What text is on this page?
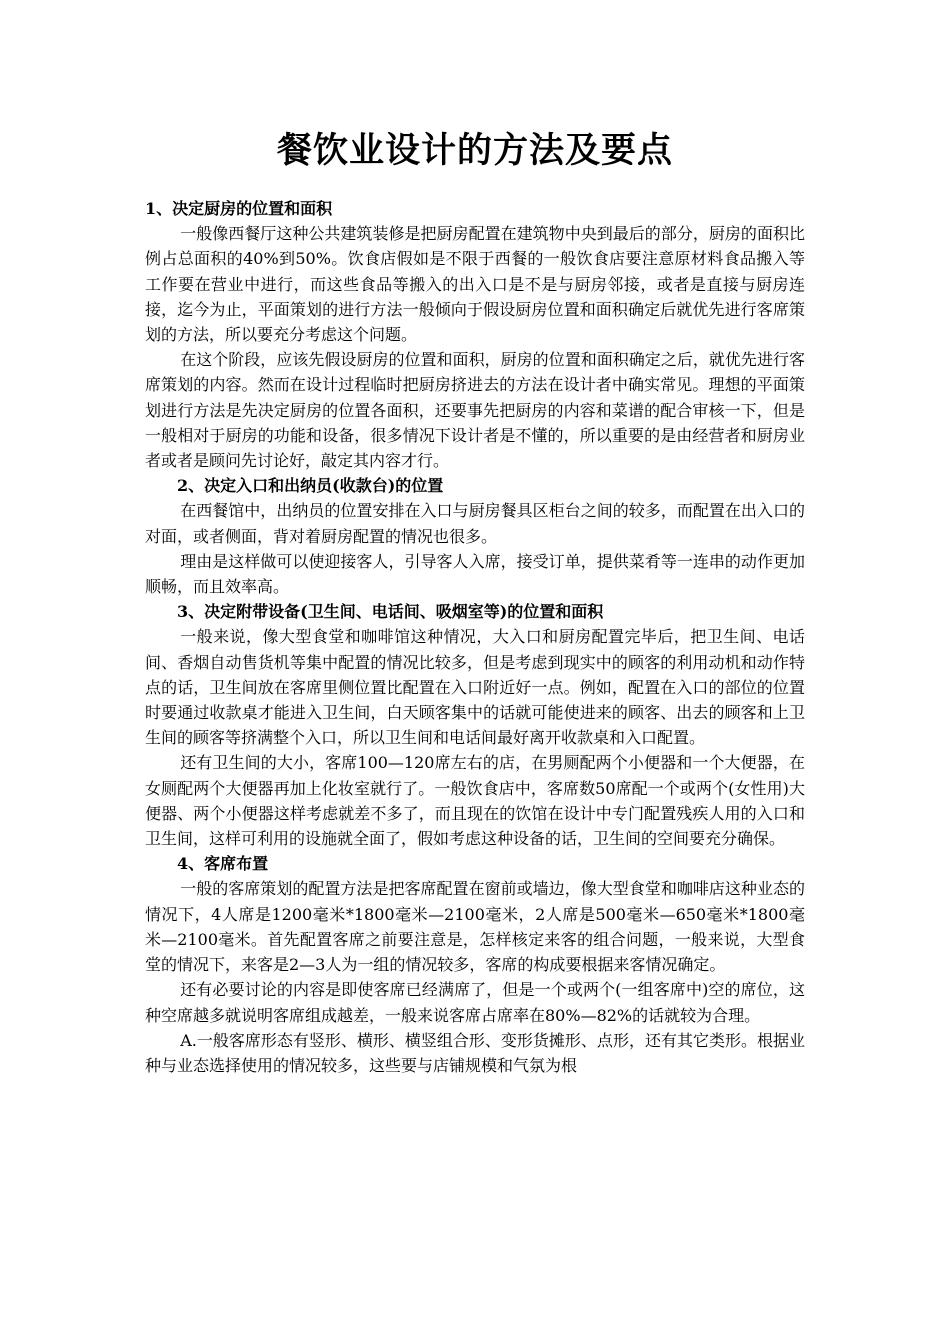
餐饮业设计的方法及要点

1、决定厨房的位置和面积

一般像西餐厅这种公共建筑装修是把厨房配置在建筑物中央到最后的部分，厨房的面积比例占总面积的40%到50%。饮食店假如是不限于西餐的一般饮食店要注意原材料食品搬入等工作要在营业中进行，而这些食品等搬入的出入口是不是与厨房邻接，或者是直接与厨房连接，迄今为止，平面策划的进行方法一般倾向于假设厨房位置和面积确定后就优先进行客席策划的方法，所以要充分考虑这个问题。

在这个阶段，应该先假设厨房的位置和面积，厨房的位置和面积确定之后，就优先进行客席策划的内容。然而在设计过程临时把厨房挤进去的方法在设计者中确实常见。理想的平面策划进行方法是先决定厨房的位置各面积，还要事先把厨房的内容和菜谱的配合审核一下，但是一般相对于厨房的功能和设备，很多情况下设计者是不懂的，所以重要的是由经营者和厨房业者或者是顾问先讨论好，敲定其内容才行。

2、决定入口和出纳员(收款台)的位置

在西餐馆中，出纳员的位置安排在入口与厨房餐具区柜台之间的较多，而配置在出入口的对面，或者侧面，背对着厨房配置的情况也很多。

理由是这样做可以使迎接客人，引导客人入席，接受订单，提供菜肴等一连串的动作更加顺畅，而且效率高。

3、决定附带设备(卫生间、电话间、吸烟室等)的位置和面积

一般来说，像大型食堂和咖啡馆这种情况，大入口和厨房配置完毕后，把卫生间、电话间、香烟自动售货机等集中配置的情况比较多，但是考虑到现实中的顾客的利用动机和动作特点的话，卫生间放在客席里侧位置比配置在入口附近好一点。例如，配置在入口的部位的位置时要通过收款桌才能进入卫生间，白天顾客集中的话就可能使进来的顾客、出去的顾客和上卫生间的顾客等挤满整个入口，所以卫生间和电话间最好离开收款桌和入口配置。

还有卫生间的大小，客席100—120席左右的店，在男厕配两个小便器和一个大便器，在女厕配两个大便器再加上化妆室就行了。一般饮食店中，客席数50席配一个或两个(女性用)大便器、两个小便器这样考虑就差不多了，而且现在的饮馆在设计中专门配置残疾人用的入口和卫生间，这样可利用的设施就全面了，假如考虑这种设备的话，卫生间的空间要充分确保。

4、客席布置

一般的客席策划的配置方法是把客席配置在窗前或墙边，像大型食堂和咖啡店这种业态的情况下，4人席是1200毫米*1800毫米—2100毫米，2人席是500毫米—650毫米*1800毫米—2100毫米。首先配置客席之前要注意是，怎样核定来客的组合问题，一般来说，大型食堂的情况下，来客是2—3人为一组的情况较多，客席的构成要根据来客情况确定。

还有必要讨论的内容是即使客席已经满席了，但是一个或两个(一组客席中)空的席位，这种空席越多就说明客席组成越差，一般来说客席占席率在80%—82%的话就较为合理。

A.一般客席形态有竖形、横形、横竖组合形、变形货摊形、点形，还有其它类形。根据业种与业态选择使用的情况较多，这些要与店铺规模和气氛为根
